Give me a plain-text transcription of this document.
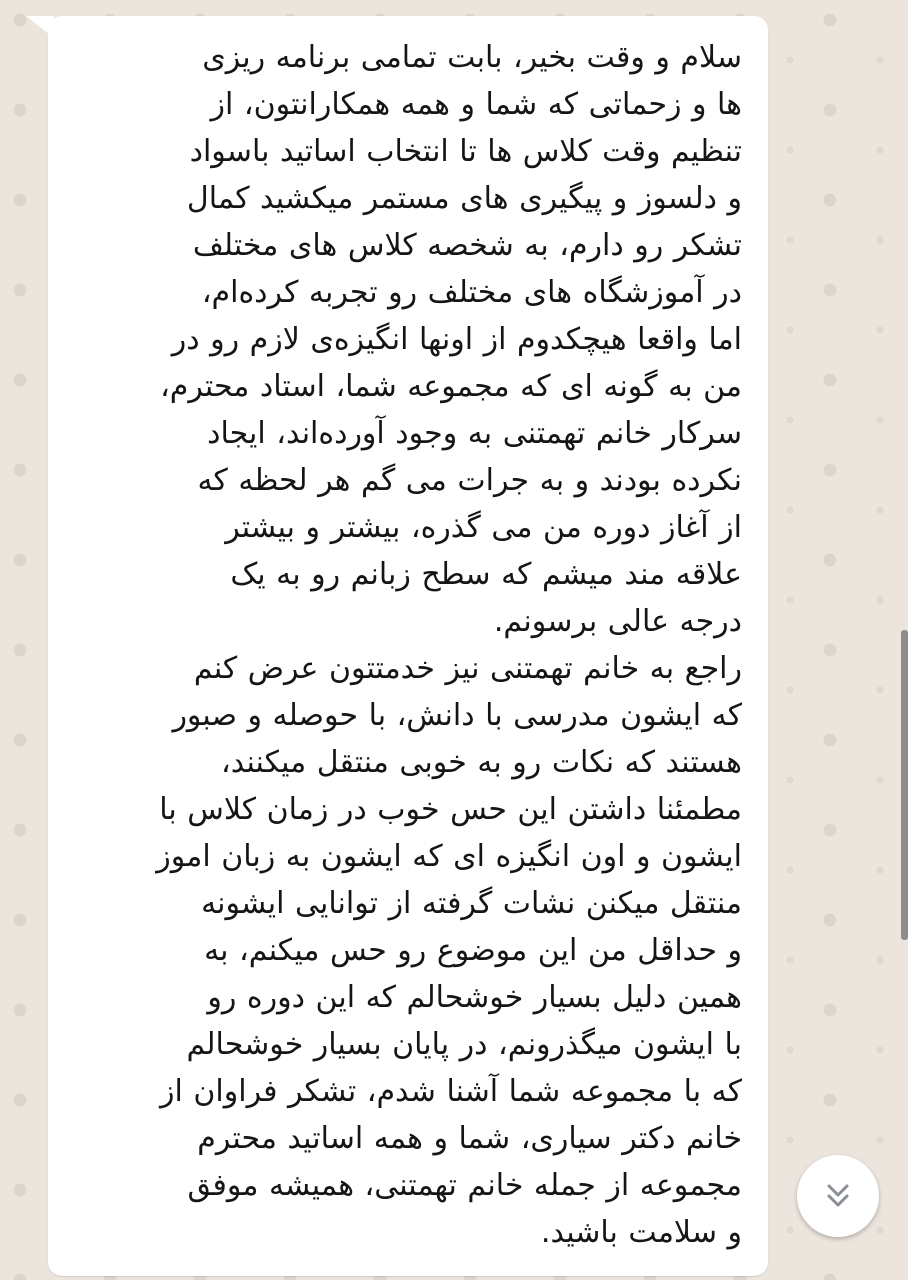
سلام و وقت بخیر، بابت تمامی برنامه ریزی
ها و زحماتی که شما و همه همکارانتون، از
تنظیم وقت کلاس ها تا انتخاب اساتید باسواد
و دلسوز و پیگیری های مستمر میکشید کمال
تشکر رو دارم، به شخصه کلاس های مختلف
در آموزشگاه های مختلف رو تجربه کرده‌ام،
اما واقعا هیچکدوم از اونها انگیزه‌ی لازم رو در
من به گونه ای که مجموعه شما، استاد محترم،
سرکار خانم تهمتنی به وجود آورده‌اند، ایجاد
نکرده بودند و به جرات می گم هر لحظه که
از آغاز دوره من می گذره، بیشتر و بیشتر
علاقه مند میشم که سطح زبانم رو به یک
درجه عالی برسونم.
راجع به خانم تهمتنی نیز خدمتتون عرض کنم
که ایشون مدرسی با دانش، با حوصله و صبور
هستند که نکات رو به خوبی منتقل میکنند،
مطمئنا داشتن این حس خوب در زمان کلاس با
ایشون و اون انگیزه ای که ایشون به زبان اموز
منتقل میکنن نشات گرفته از توانایی ایشونه
و حداقل من این موضوع رو حس میکنم، به
همین دلیل بسیار خوشحالم که این دوره رو
با ایشون میگذرونم، در پایان بسیار خوشحالم
که با مجموعه شما آشنا شدم، تشکر فراوان از
خانم دکتر سیاری، شما و همه اساتید محترم
مجموعه از جمله خانم تهمتنی، همیشه موفق
و سلامت باشید.
